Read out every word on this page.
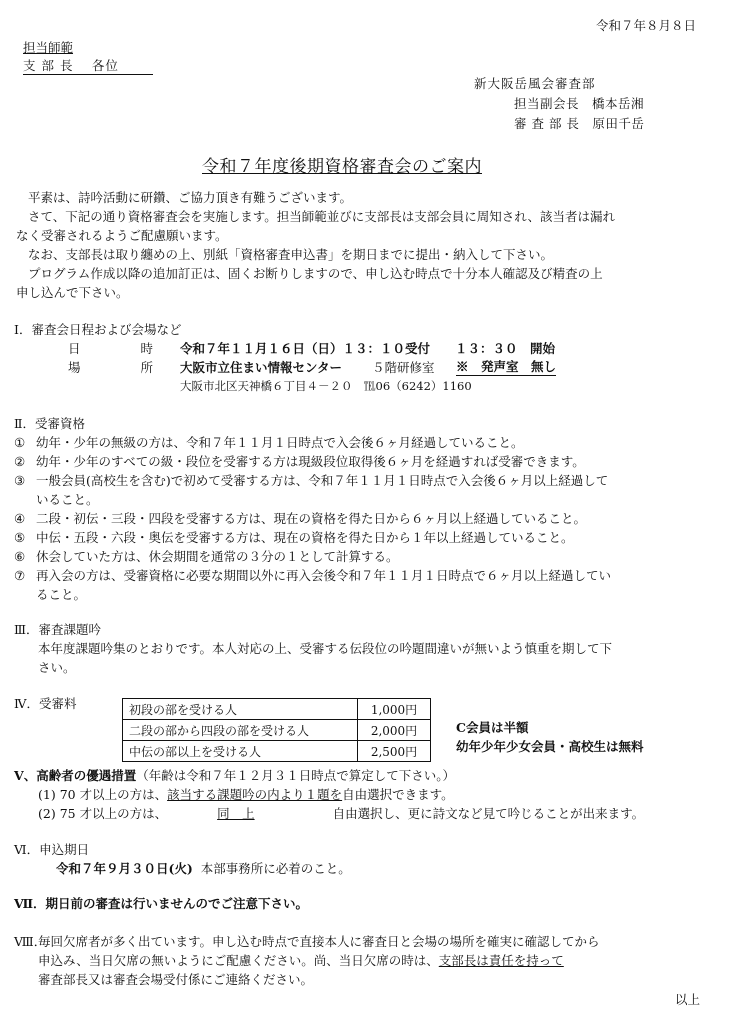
令和７年８月８日
担当師範
支 部 長　 各位
新大阪岳風会審査部
担当副会長　橋本岳湘
審 査 部 長　原田千岳
令和７年度後期資格審査会のご案内
平素は、詩吟活動に研鑽、ご協力頂き有難うございます。
さて、下記の通り資格審査会を実施します。担当師範並びに支部長は支部会員に周知され、該当者は漏れ
なく受審されるようご配慮願います。
なお、支部長は取り纏めの上、別紙「資格審査申込書」を期日までに提出・納入して下さい。
プログラム作成以降の追加訂正は、固くお断りしますので、申し込む時点で十分本人確認及び精査の上
申し込んで下さい。
Ⅰ．審査会日程および会場など
日時
令和７年１１月１６日（日）１３：１０受付　　１３：３０　開始
場所
大阪市立住まい情報センター ５階研修室 ※　発声室　無し
大阪市北区天神橋６丁目４－２０　℡06（6242）1160
Ⅱ．受審資格
① 幼年・少年の無級の方は、令和７年１１月１日時点で入会後６ヶ月経過していること。
② 幼年・少年のすべての級・段位を受審する方は現級段位取得後６ヶ月を経過すれば受審できます。
③ 一般会員(高校生を含む)で初めて受審する方は、令和７年１１月１日時点で入会後６ヶ月以上経過して
いること。
④ 二段・初伝・三段・四段を受審する方は、現在の資格を得た日から６ヶ月以上経過していること。
⑤ 中伝・五段・六段・奥伝を受審する方は、現在の資格を得た日から１年以上経過していること。
⑥ 休会していた方は、休会期間を通常の３分の１として計算する。
⑦ 再入会の方は、受審資格に必要な期間以外に再入会後令和７年１１月１日時点で６ヶ月以上経過してい
ること。
Ⅲ．審査課題吟
本年度課題吟集のとおりです。本人対応の上、受審する伝段位の吟題間違いが無いよう慎重を期して下
さい。
Ⅳ．受審料	初段の部を受ける人	1,000円
二段の部から四段の部を受ける人	2,000円
中伝の部以上を受ける人	2,500円
C会員は半額
幼年少年少女会員・高校生は無料
Ⅴ、高齢者の優遇措置（年齢は令和７年１２月３１日時点で算定して下さい。）
(1) 70 才以上の方は、該当する課題吟の内より１題を自由選択できます。
(2) 75 才以上の方は、	同　上	自由選択し、更に詩文など見て吟じることが出来ます。
Ⅵ．申込期日
令和７年９月３０日(火) 本部事務所に必着のこと。
Ⅶ．期日前の審査は行いませんのでご注意下さい。
Ⅷ．
毎回欠席者が多く出ています。申し込む時点で直接本人に審査日と会場の場所を確実に確認してから
申込み、当日欠席の無いようにご配慮ください。尚、当日欠席の時は、支部長は責任を持って
審査部長又は審査会場受付係にご連絡ください。
以上
